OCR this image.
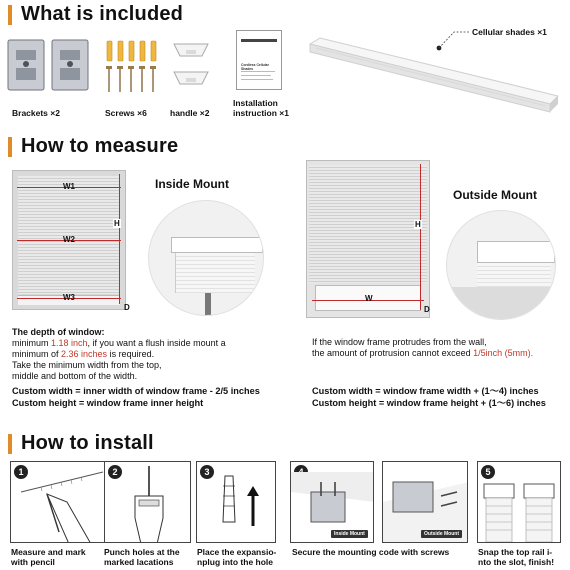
What is included
Brackets ×2	Screws ×6	handle ×2
Cordless Cellular Shades
Installation
instruction ×1
Cellular shades ×1
How to measure
W1
W2
W3
H
D
Inside Mount
The depth of window:
minimum 1.18 inch, if you want a flush inside mount a
minimum of 2.36 inches is required.
Take the minimum width from the top,
middle and bottom of the width.
Custom width = inner width of window frame - 2/5 inches
Custom height = window frame inner height
W
H
D
Outside Mount
If the window frame protrudes from the wall,
the amount of protrusion cannot exceed 1/5inch (5mm).
Custom width = window frame width + (1～4) inches
Custom height = window frame height + (1～6) inches
How to install
1
Measure and mark
with pencil
2
Punch holes at the
marked lacations
3
Place the expansio-
nplug into the hole
Inside Mount	Outside Mount
Secure the mounting code with screws
5
Snap the top rail i-
nto the slot, finish!
